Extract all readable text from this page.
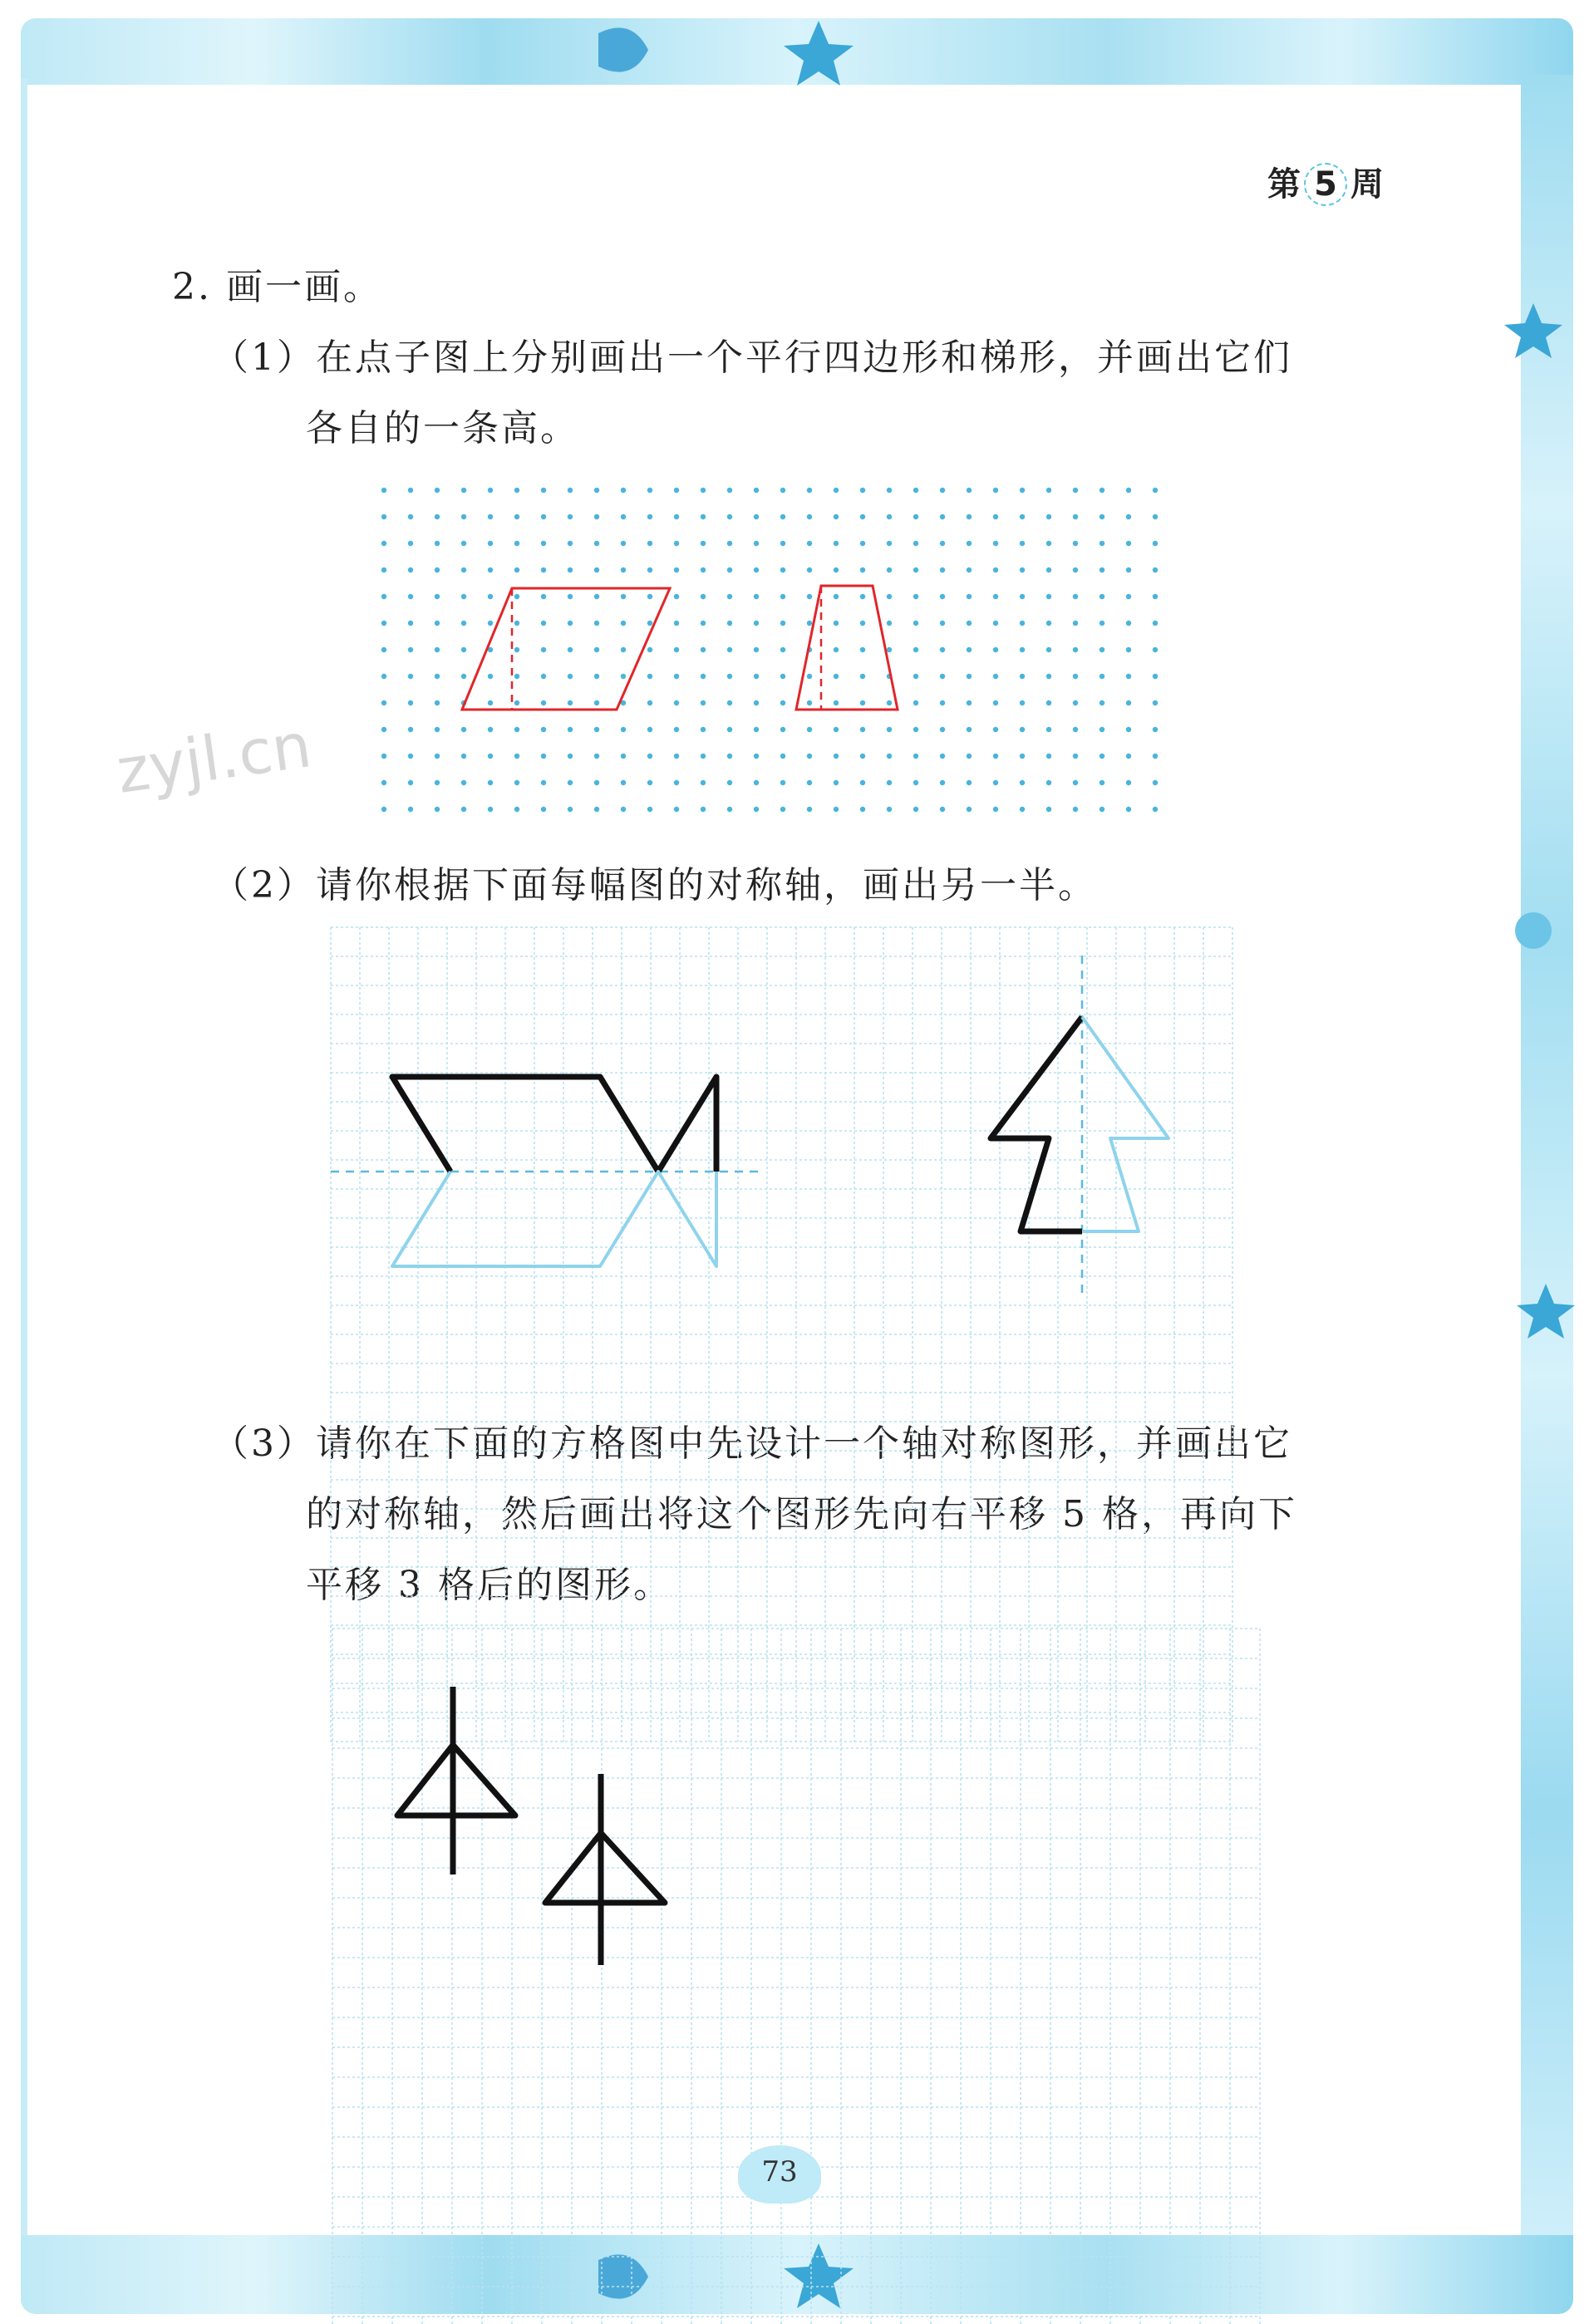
第 5 周
2. 画一画。
（1）在点子图上分别画出一个平行四边形和梯形，并画出它们
各自的一条高。
zyjl.cn
（2）请你根据下面每幅图的对称轴，画出另一半。
（3）请你在下面的方格图中先设计一个轴对称图形，并画出它
的对称轴，然后画出将这个图形先向右平移 5 格，再向下
平移 3 格后的图形。
73
